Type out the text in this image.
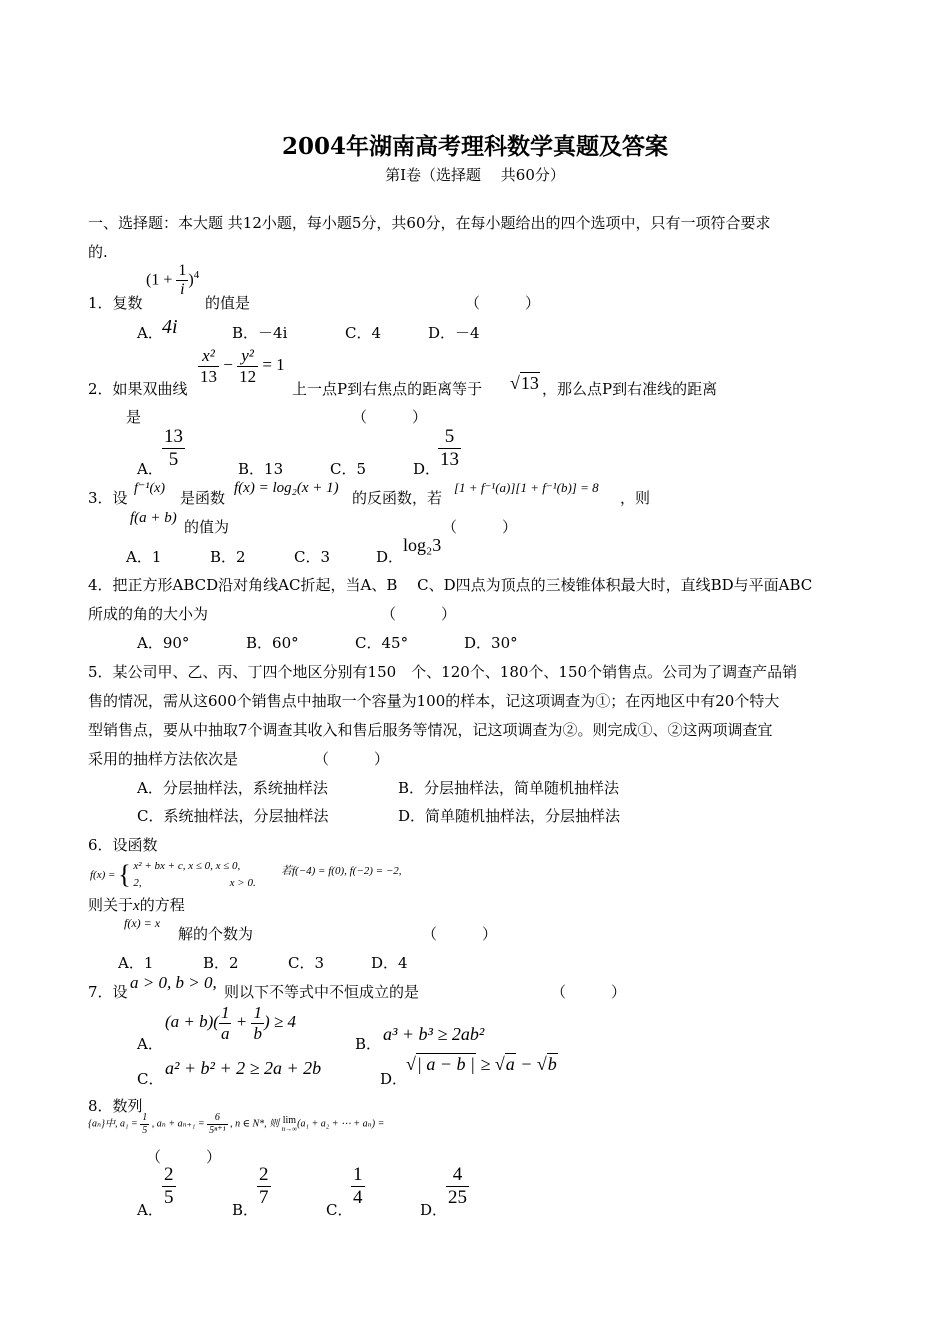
2004年湖南高考理科数学真题及答案
第Ⅰ卷（选择题　 共60分）
一、选择题：本大题 共12小题，每小题5分，共60分，在每小题给出的四个选项中，只有一项符合要求
的.
1．复数
$(1 + \frac{1}{i} )^4$
的值是	（　　　）
A． 4i	B．－4i	C．4	D．－4
2．如果双曲线
$\frac{\text{x²}}{13} - \frac{\text{y²}}{12} = 1$
上一点P到右焦点的距离等于 √13 ，那么点P到右准线的距离
是	（　　　）
A． $\frac{13}{5}$	B．13	C．5	D．
$\frac{5}{13}$
3．设
f⁻¹(x)
是函数
f(x) = log₂(x + 1)
的反函数，若
[1 + f⁻¹(a)][1 + f⁻¹(b)] = 8
，则
f(a + b) 的值为	（　　　）
A．1	B．2	C．3	D．
log₂3
4．把正方形ABCD沿对角线AC折起，当A、B　 C、D四点为顶点的三棱锥体积最大时，直线BD与平面ABC
所成的角的大小为	（　　　）
A．90°	B．60°	C．45°	D．30°
5．某公司甲、乙、丙、丁四个地区分别有150　个、120个、180个、150个销售点。公司为了调查产品销
售的情况，需从这600个销售点中抽取一个容量为100的样本，记这项调查为①；在丙地区中有20个特大
型销售点，要从中抽取7个调查其收入和售后服务等情况，记这项调查为②。则完成①、②这两项调查宜
采用的抽样方法依次是	（　　　）
A．分层抽样法，系统抽样法	B．分层抽样法，简单随机抽样法
C．系统抽样法，分层抽样法	D．简单随机抽样法，分层抽样法
6．设函数
f(x) = { x² + bx + c, x ≤ 0, x ≤ 0,
2,	x > 0.
若f(−4) = f(0), f(−2) = −2,
则关于x的方程
f(x) = x
解的个数为	（　　　）
A．1	B．2	C．3	D．4
7．设 a > 0, b > 0, 则以下不等式中不恒成立的是	（　　　）
A．
$(a + b)( \frac{1}{a} + \frac{1}{b}$ ) ≥ 4
B． a³ + b³ ≥ 2ab²
C．
a² + b² + 2 ≥ 2a + 2b
D．
√| a − b | ≥ √a − √b
8．数列
{aₙ}中, $a_1 = \frac{1}{5}$ , $a_n + a_{n+1} = \frac{6}{\text{5ⁿ⁺¹}}$ , n ∈ N*, 则 lim
n→∞ (a₁ + a₂ + ⋯ + aₙ) =
（　　　）
A．
$\frac{2}{5}$
B．
$\frac{2}{7}$
C．
$\frac{1}{4}$
D．
$\frac{4}{25}$
